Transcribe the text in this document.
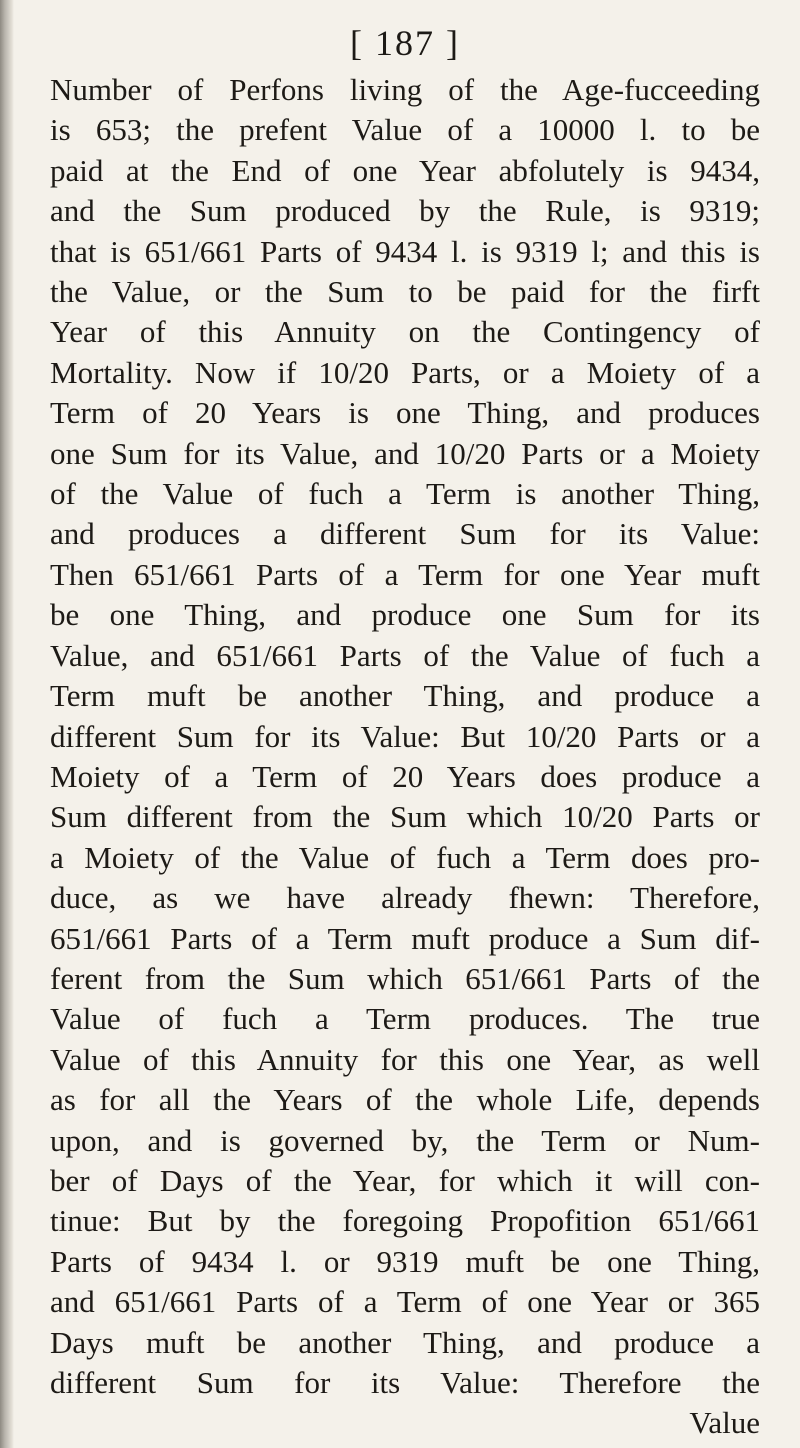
[ 187 ]
Number of Perfons living of the Age-fucceeding
is 653; the prefent Value of a 10000 l. to be
paid at the End of one Year abfolutely is 9434,
and the Sum produced by the Rule, is 9319;
that is 651/661 Parts of 9434 l. is 9319 l; and this is
the Value, or the Sum to be paid for the firft
Year of this Annuity on the Contingency of
Mortality. Now if 10/20 Parts, or a Moiety of a
Term of 20 Years is one Thing, and produces
one Sum for its Value, and 10/20 Parts or a Moiety
of the Value of fuch a Term is another Thing,
and produces a different Sum for its Value:
Then 651/661 Parts of a Term for one Year muft
be one Thing, and produce one Sum for its
Value, and 651/661 Parts of the Value of fuch a
Term muft be another Thing, and produce a
different Sum for its Value: But 10/20 Parts or a
Moiety of a Term of 20 Years does produce a
Sum different from the Sum which 10/20 Parts or
a Moiety of the Value of fuch a Term does pro-
duce, as we have already fhewn: Therefore,
651/661 Parts of a Term muft produce a Sum dif-
ferent from the Sum which 651/661 Parts of the
Value of fuch a Term produces. The true
Value of this Annuity for this one Year, as well
as for all the Years of the whole Life, depends
upon, and is governed by, the Term or Num-
ber of Days of the Year, for which it will con-
tinue: But by the foregoing Propofition 651/661
Parts of 9434 l. or 9319 muft be one Thing,
and 651/661 Parts of a Term of one Year or 365
Days muft be another Thing, and produce a
different Sum for its Value: Therefore the
Value
